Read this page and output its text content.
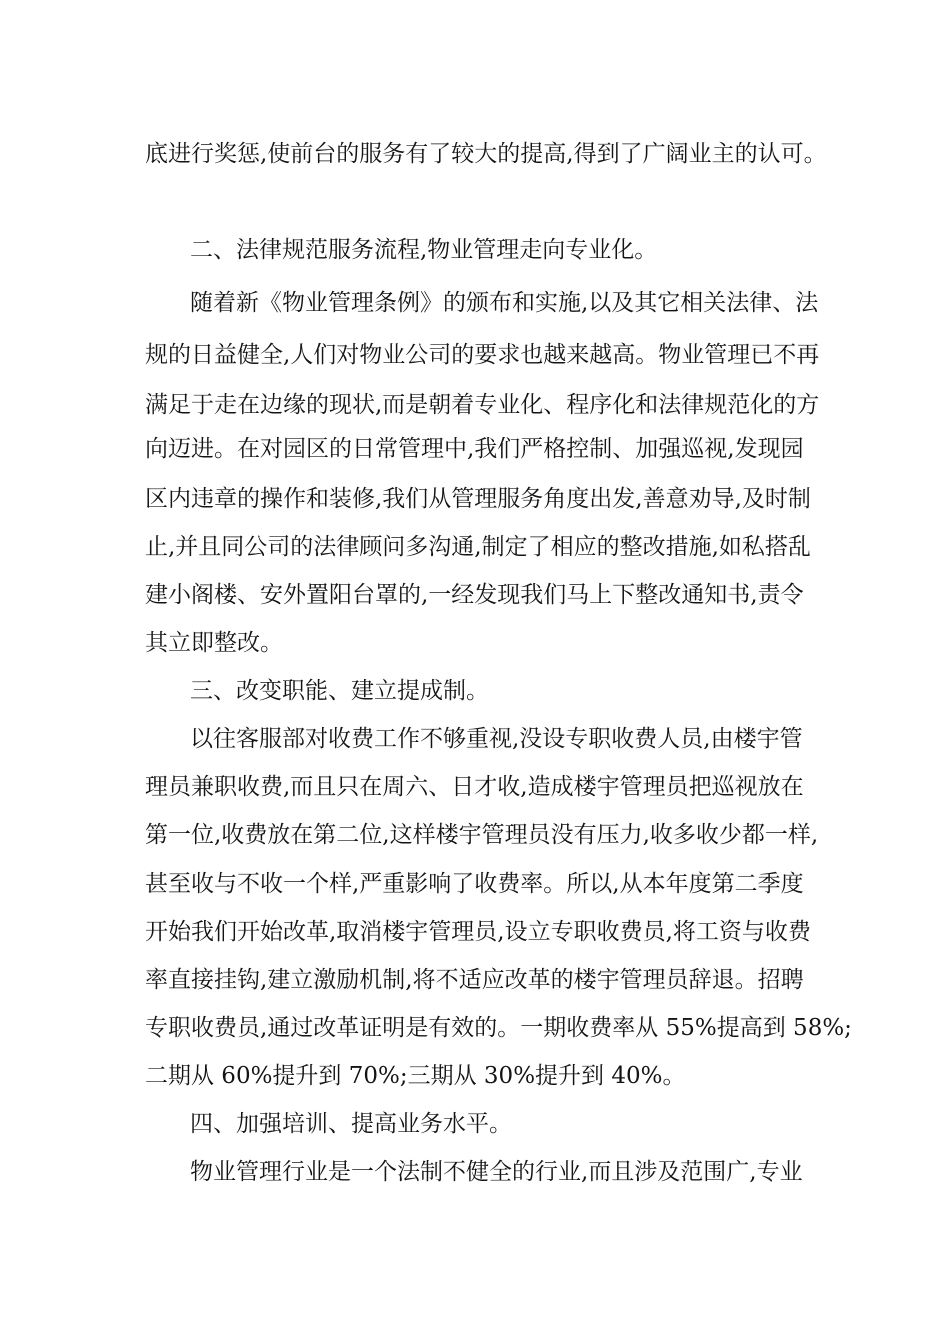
底进行奖惩,使前台的服务有了较大的提高,得到了广阔业主的认可。
二、法律规范服务流程,物业管理走向专业化。
随着新《物业管理条例》的颁布和实施,以及其它相关法律、法
规的日益健全,人们对物业公司的要求也越来越高。物业管理已不再
满足于走在边缘的现状,而是朝着专业化、程序化和法律规范化的方
向迈进。在对园区的日常管理中,我们严格控制、加强巡视,发现园
区内违章的操作和装修,我们从管理服务角度出发,善意劝导,及时制
止,并且同公司的法律顾问多沟通,制定了相应的整改措施,如私搭乱
建小阁楼、安外置阳台罩的,一经发现我们马上下整改通知书,责令
其立即整改。
三、改变职能、建立提成制。
以往客服部对收费工作不够重视,没设专职收费人员,由楼宇管
理员兼职收费,而且只在周六、日才收,造成楼宇管理员把巡视放在
第一位,收费放在第二位,这样楼宇管理员没有压力,收多收少都一样,
甚至收与不收一个样,严重影响了收费率。所以,从本年度第二季度
开始我们开始改革,取消楼宇管理员,设立专职收费员,将工资与收费
率直接挂钩,建立激励机制,将不适应改革的楼宇管理员辞退。招聘
专职收费员,通过改革证明是有效的。一期收费率从 55%提高到 58%;
二期从 60%提升到 70%;三期从 30%提升到 40%。
四、加强培训、提高业务水平。
物业管理行业是一个法制不健全的行业,而且涉及范围广,专业
